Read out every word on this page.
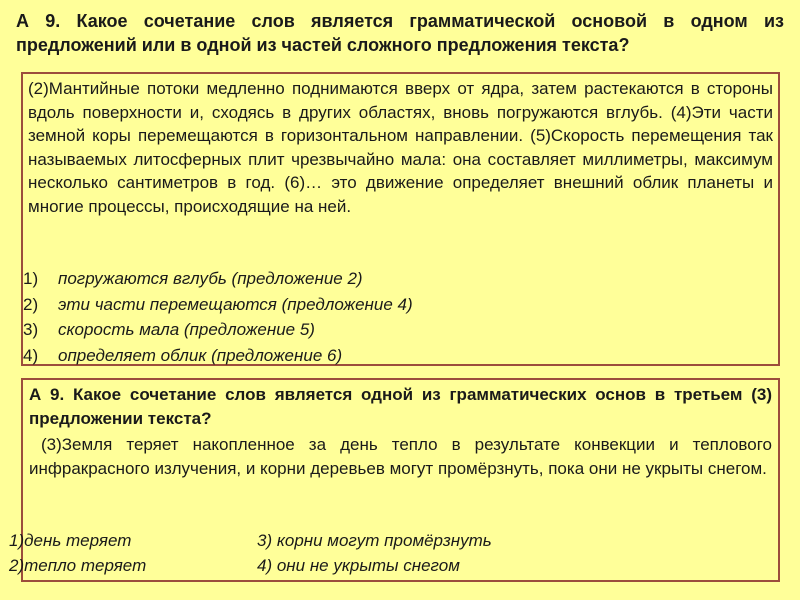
А 9. Какое сочетание слов является грамматической основой в одном из предложений или в одной из частей сложного предложения текста?

(2)Мантийные потоки медленно поднимаются вверх от ядра, затем растекаются в стороны вдоль поверхности и, сходясь в других областях, вновь погружаются вглубь. (4)Эти части земной коры перемещаются в горизонтальном направлении. (5)Скорость перемещения так называемых литосферных плит чрезвычайно мала: она составляет миллиметры, максимум несколько сантиметров в год. (6)… это движение определяет внешний облик планеты и многие процессы, происходящие на ней.

1)	погружаются вглубь (предложение 2)
2)	эти части перемещаются (предложение 4)
3)	скорость мала (предложение 5)
4)	определяет облик (предложение 6)

А 9. Какое сочетание слов является одной из грамматических основ в третьем (3) предложении текста?

(3)Земля теряет накопленное за день тепло в результате конвекции и теплового инфракрасного излучения, и корни деревьев могут промёрзнуть, пока они не укрыты снегом.

1)день теряет	3) корни могут промёрзнуть
2)тепло теряет	4) они не укрыты снегом
